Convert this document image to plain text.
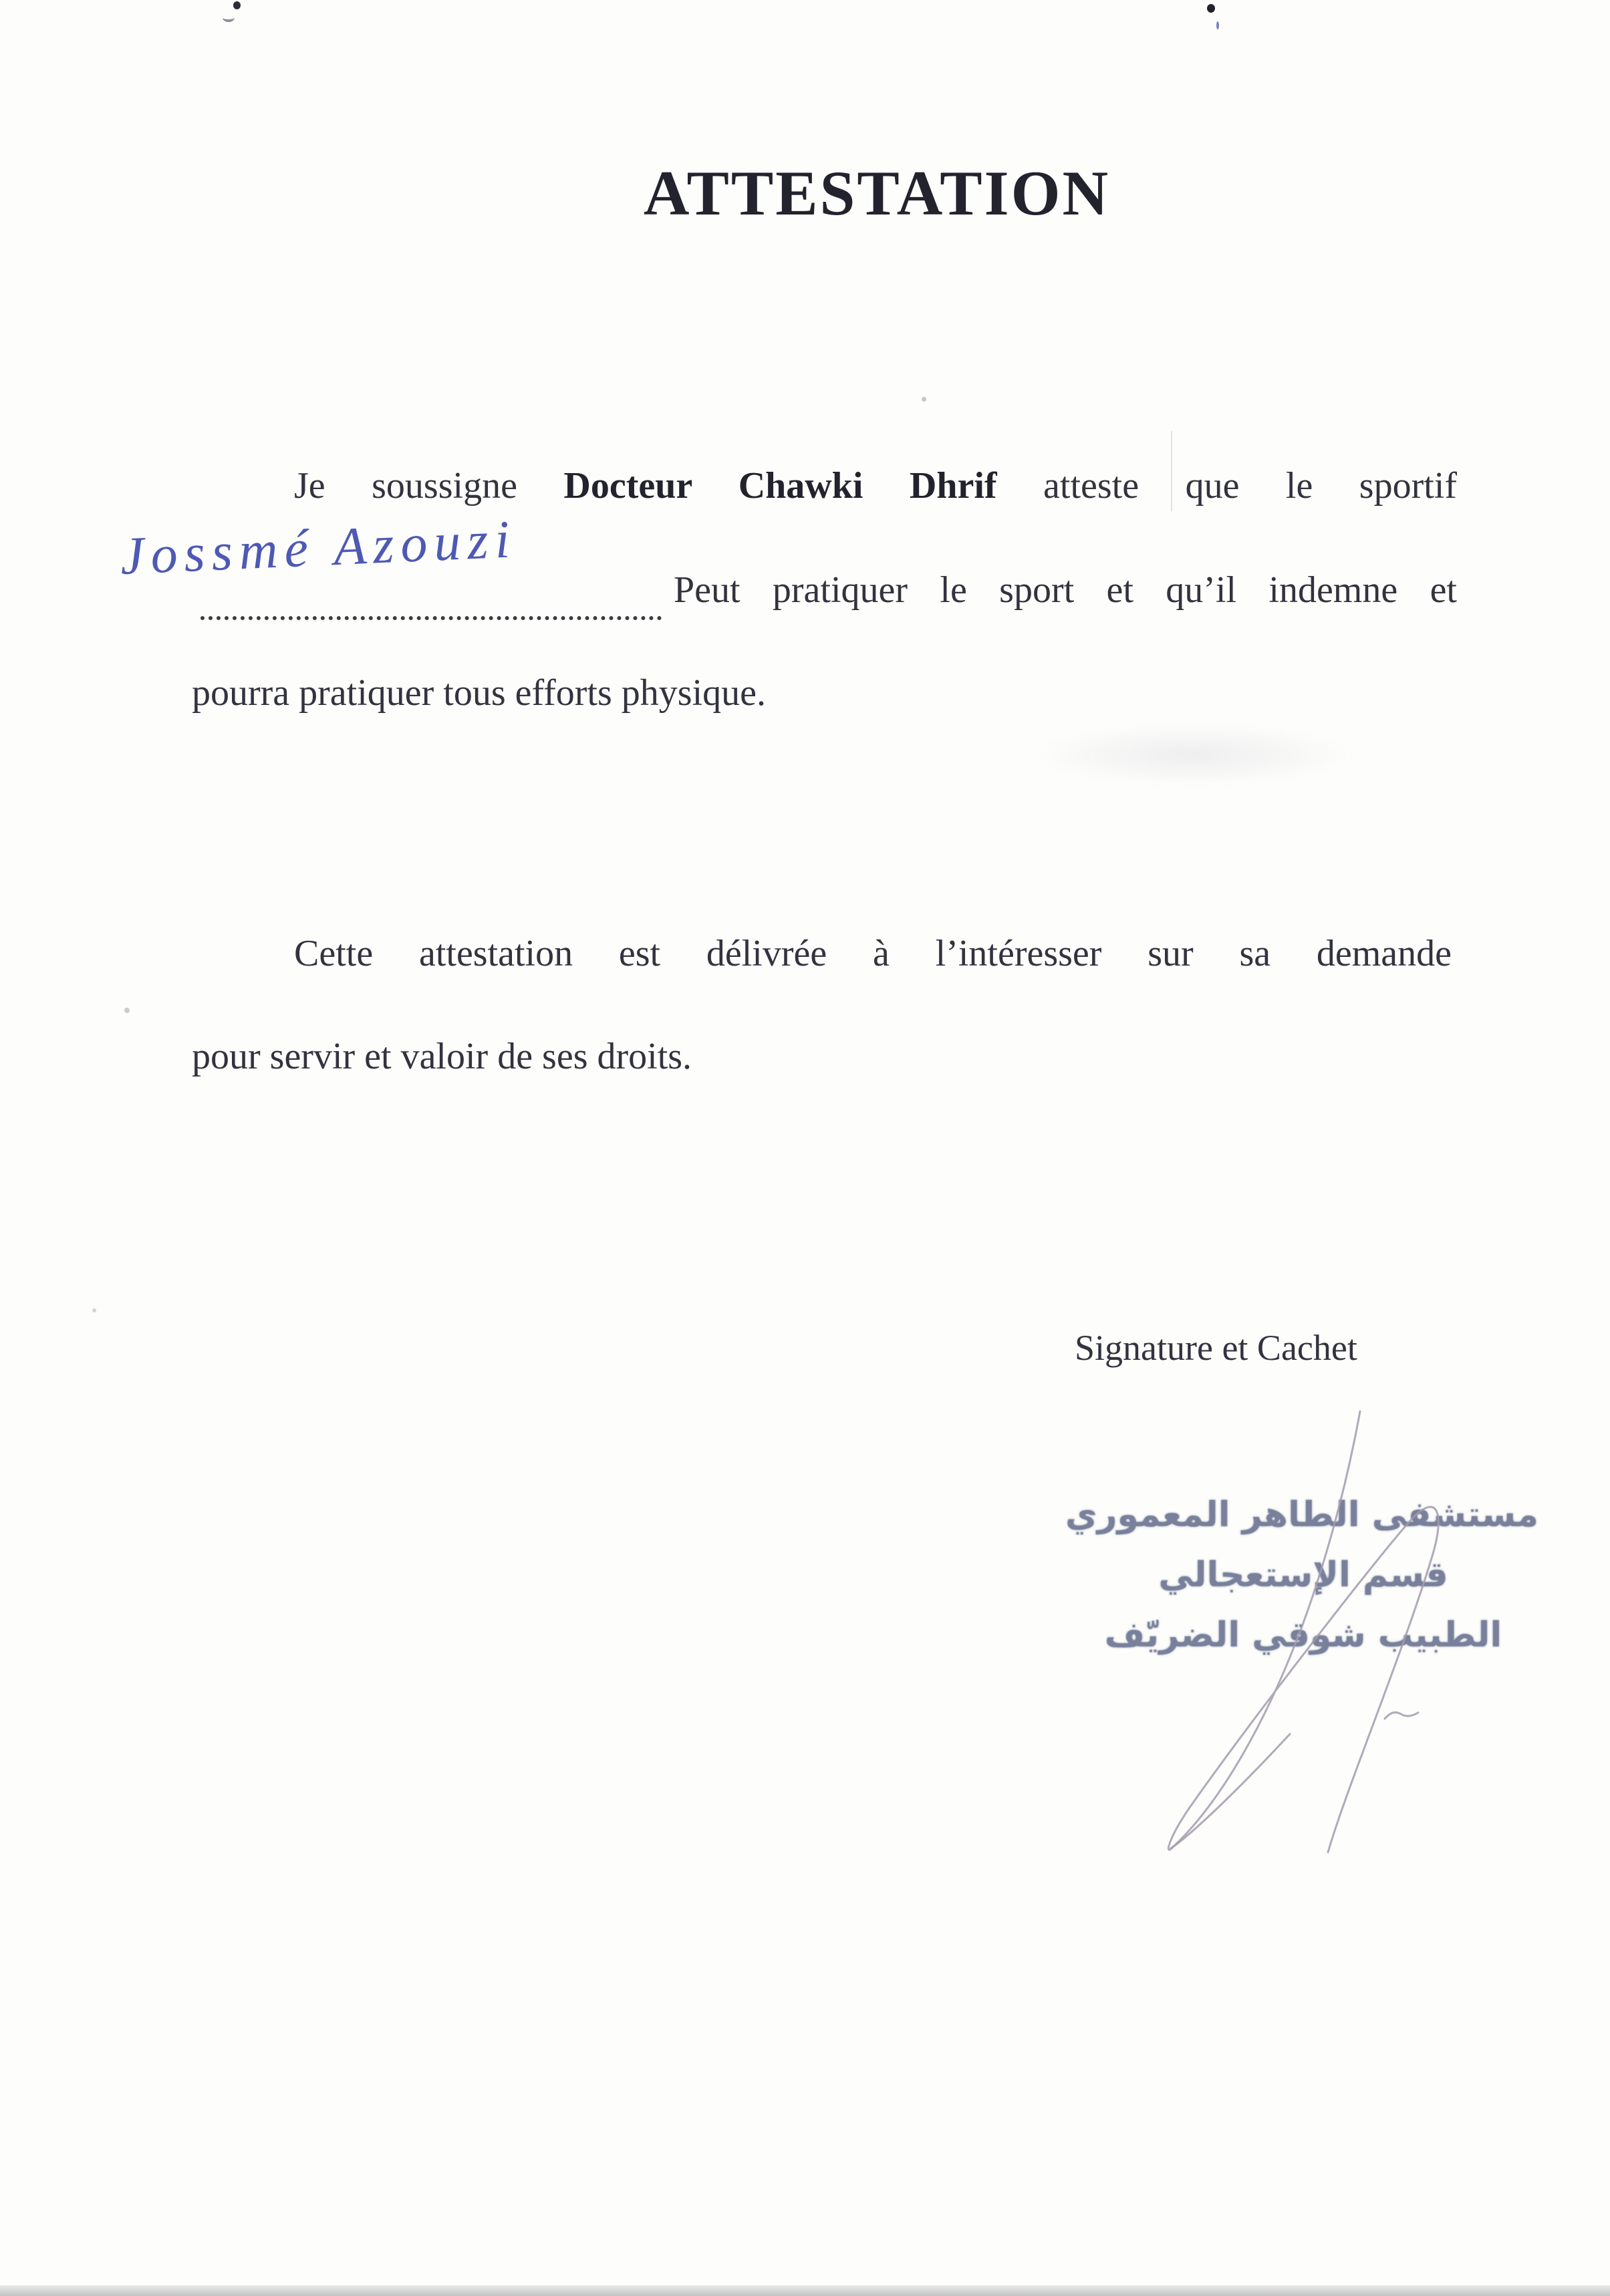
ATTESTATION
Je soussigne Docteur Chawki Dhrif atteste que le sportif
Jossmé Azouzi
Peut pratiquer le sport et qu’il indemne et
pourra pratiquer tous efforts physique.
Cette attestation est délivrée à l’intéresser sur sa demande
pour servir et valoir de ses droits.
Signature et Cachet
مستشفى الطاهر المعموري
قسم الإستعجالي
الطبيب شوقي الضريّف
